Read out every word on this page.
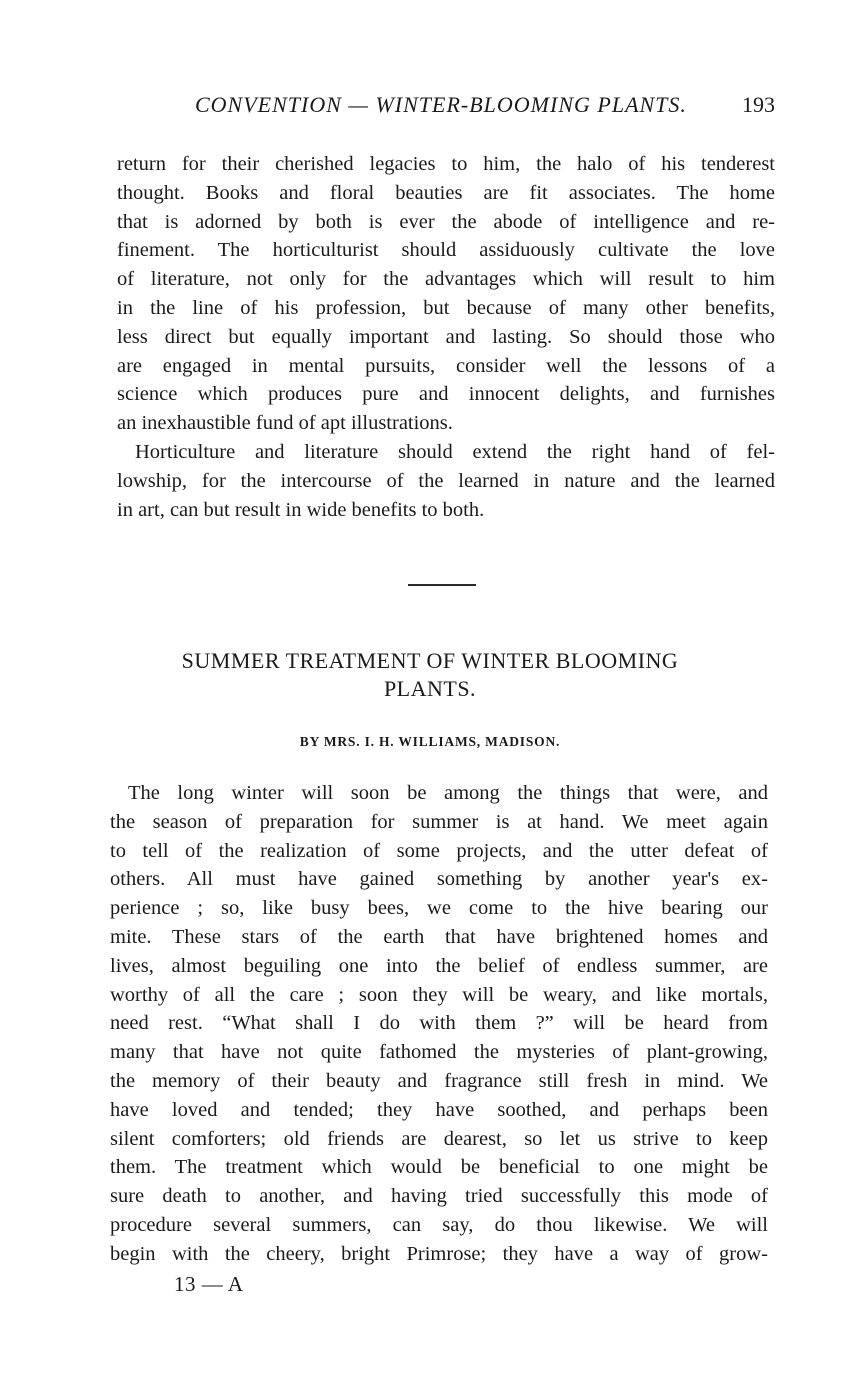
CONVENTION — WINTER-BLOOMING PLANTS.	193
return for their cherished legacies to him, the halo of his tenderest
thought. Books and floral beauties are fit associates. The home
that is adorned by both is ever the abode of intelligence and re-
finement. The horticulturist should assiduously cultivate the love
of literature, not only for the advantages which will result to him
in the line of his profession, but because of many other benefits,
less direct but equally important and lasting. So should those who
are engaged in mental pursuits, consider well the lessons of a
science which produces pure and innocent delights, and furnishes
an inexhaustible fund of apt illustrations.
Horticulture and literature should extend the right hand of fel-
lowship, for the intercourse of the learned in nature and the learned
in art, can but result in wide benefits to both.
SUMMER TREATMENT OF WINTER BLOOMING
PLANTS.
BY MRS. I. H. WILLIAMS, MADISON.
The long winter will soon be among the things that were, and
the season of preparation for summer is at hand. We meet again
to tell of the realization of some projects, and the utter defeat of
others. All must have gained something by another year's ex-
perience ; so, like busy bees, we come to the hive bearing our
mite. These stars of the earth that have brightened homes and
lives, almost beguiling one into the belief of endless summer, are
worthy of all the care ; soon they will be weary, and like mortals,
need rest. “What shall I do with them ?” will be heard from
many that have not quite fathomed the mysteries of plant-growing,
the memory of their beauty and fragrance still fresh in mind. We
have loved and tended; they have soothed, and perhaps been
silent comforters; old friends are dearest, so let us strive to keep
them. The treatment which would be beneficial to one might be
sure death to another, and having tried successfully this mode of
procedure several summers, can say, do thou likewise. We will
begin with the cheery, bright Primrose; they have a way of grow-
13 — A
